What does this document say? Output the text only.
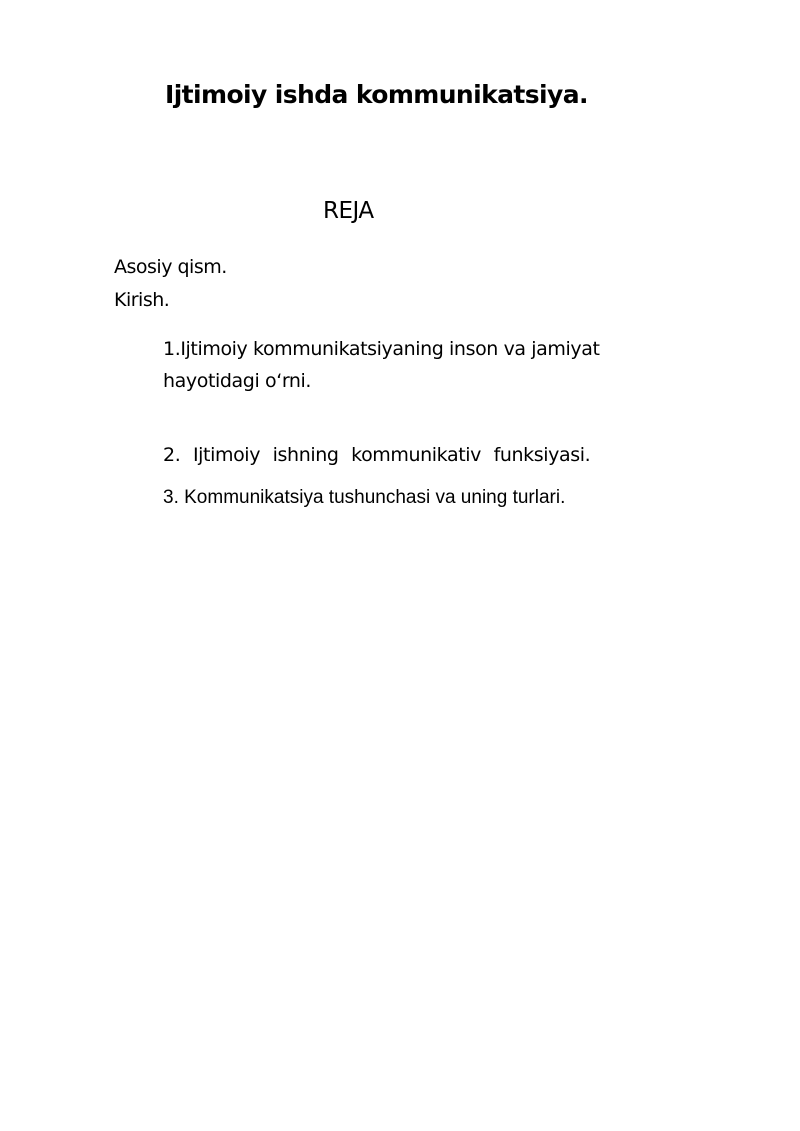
Ijtimoiy ishda kommunikatsiya.
REJA
Asosiy qism.
Kirish.
1.Ijtimoiy kommunikatsiyaning inson va jamiyat
hayotidagi o‘rni.
2. Ijtimoiy ishning kommunikativ funksiyasi.
3. Kommunikatsiya tushunchasi va uning turlari.
